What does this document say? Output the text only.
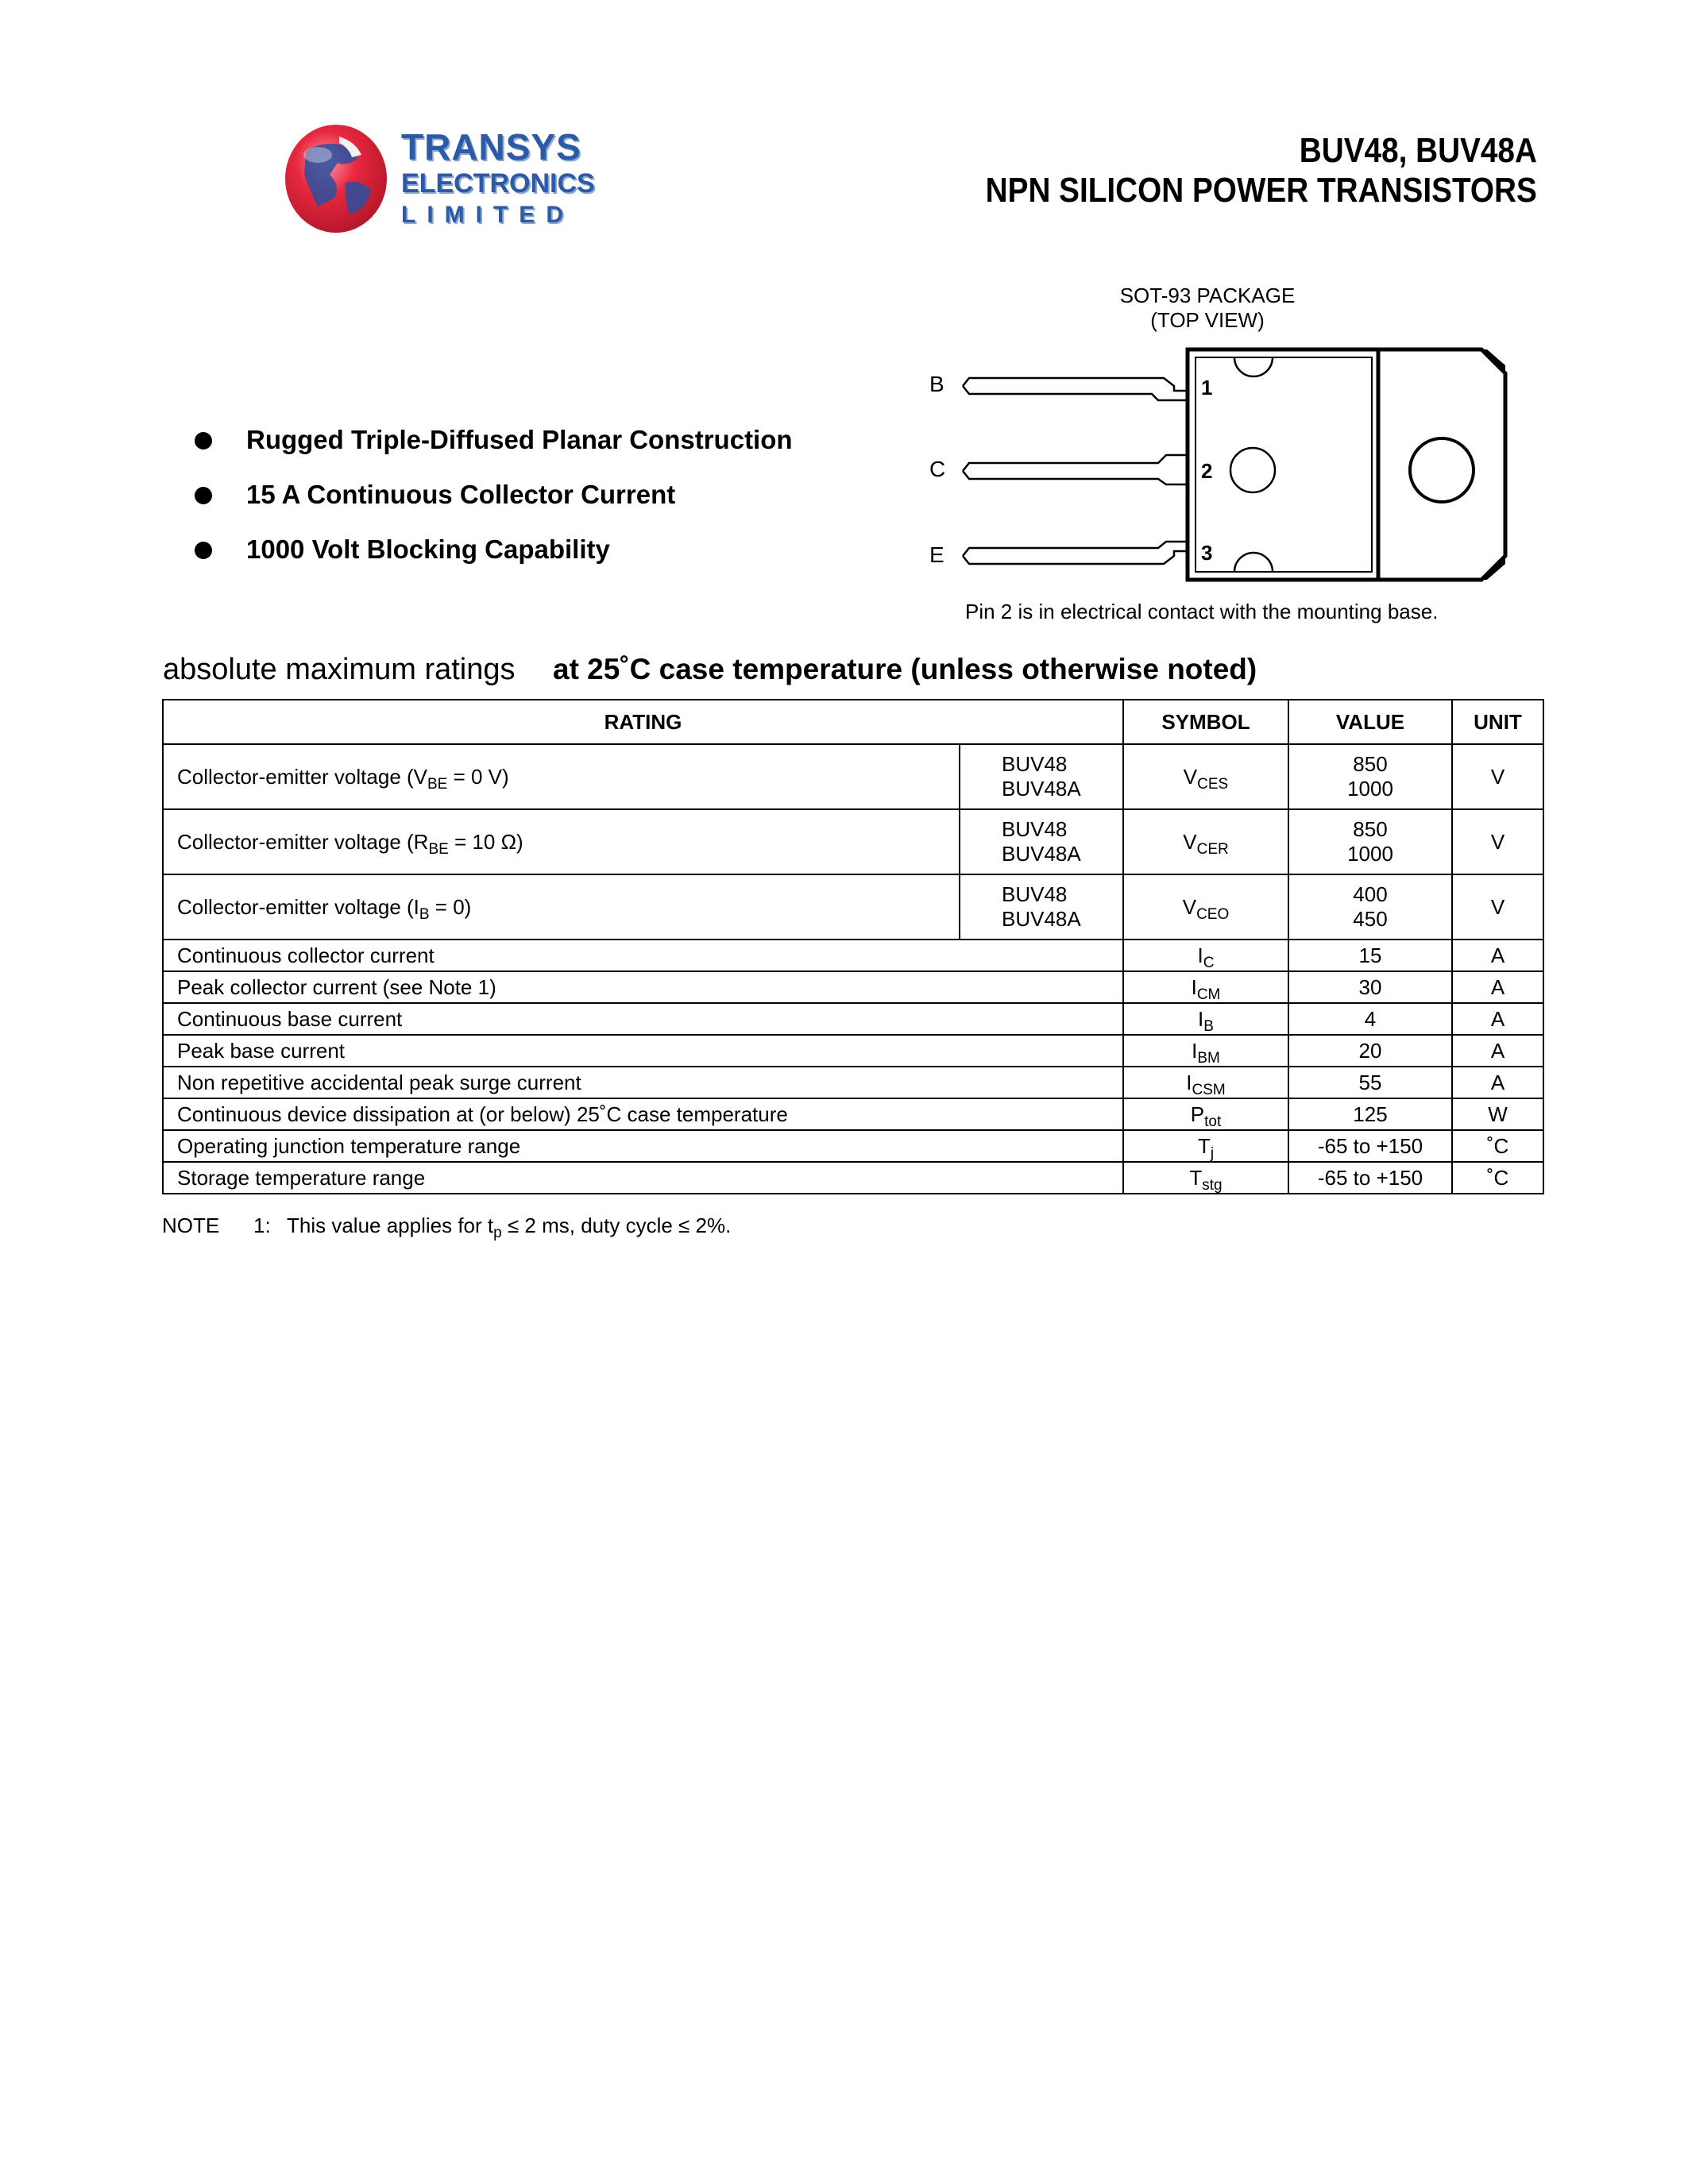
TRANSYS
ELECTRONICS
LIMITED
BUV48, BUV48A
NPN SILICON POWER TRANSISTORS
SOT-93 PACKAGE
(TOP VIEW)
B
C
E
1
2
3
Pin 2 is in electrical contact with the mounting base.
Rugged Triple-Diffused Planar Construction
15 A Continuous Collector Current
1000 Volt Blocking Capability
absolute maximum ratings at 25˚C case temperature (unless otherwise noted)
RATING		SYMBOL	VALUE	UNIT
Collector-emitter voltage ($V_{BE} = 0$ V)	BUV48	$V_{CES}$	850	V
	BUV48A		1000	
Collector-emitter voltage ($R_{BE} = 10$ Ω)	BUV48	$V_{CER}$	850	V
	BUV48A		1000	
Collector-emitter voltage $(I_B = 0)$	BUV48	$V_{CEO}$	400	V
	BUV48A		450	
Continuous collector current		$I_C$	15	A
Peak collector current (see Note 1)		$I_{CM}$	30	A
Continuous base current		$I_B$	4	A
Peak base current		$I_{BM}$	20	A
Non repetitive accidental peak surge current		$I_{CSM}$	55	A
Continuous device dissipation at (or below) 25˚C case temperature		$P_{tot}$	125	W
Operating junction temperature range		$T_j$	-65 to +150	˚C
Storage temperature range		$T_{stg}$	-65 to +150	˚C
NOTE 1: This value applies for $t_p \le 2$ ms, duty cycle ≤ 2%.
